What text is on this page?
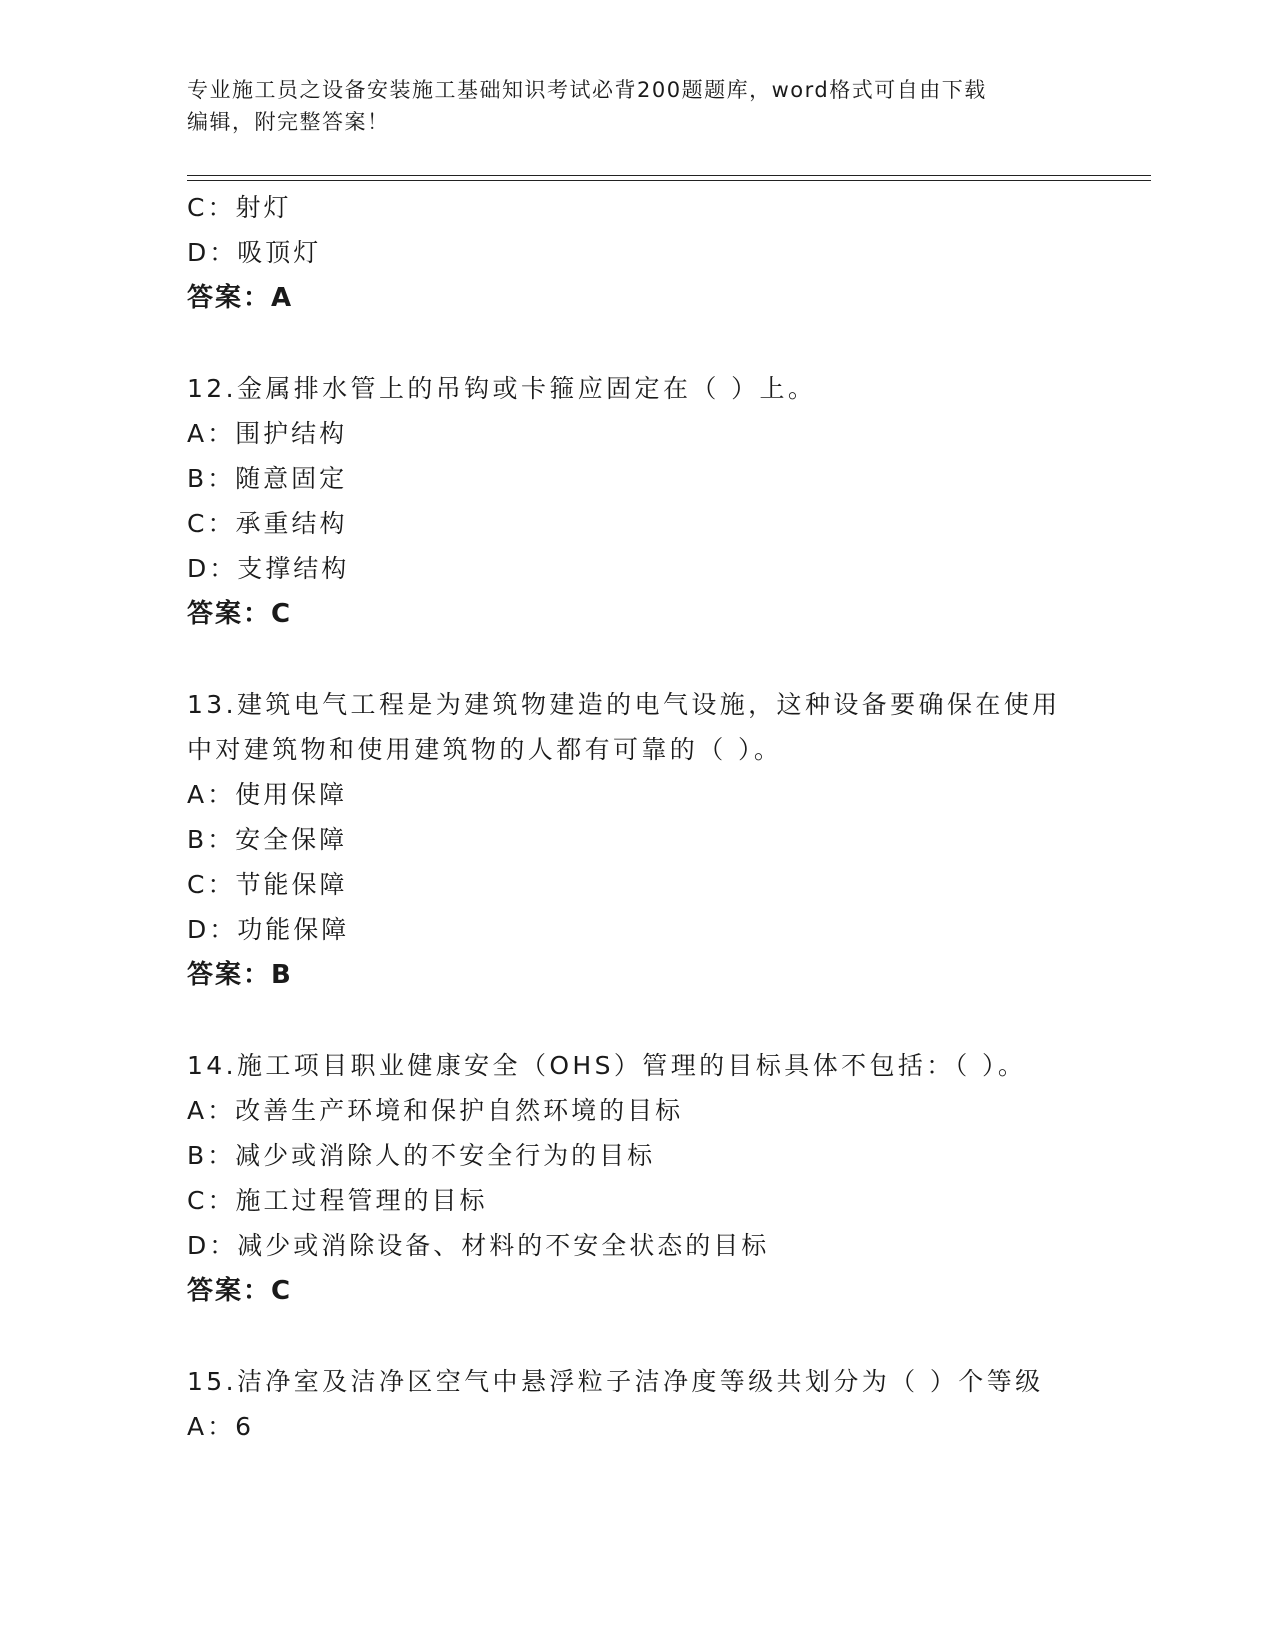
专业施工员之设备安装施工基础知识考试必背200题题库，word格式可自由下载
编辑，附完整答案！
C：射灯
D：吸顶灯
答案：A
12.金属排水管上的吊钩或卡箍应固定在（ ）上。
A：围护结构
B：随意固定
C：承重结构
D：支撑结构
答案：C
13.建筑电气工程是为建筑物建造的电气设施，这种设备要确保在使用
中对建筑物和使用建筑物的人都有可靠的（ ）。
A：使用保障
B：安全保障
C：节能保障
D：功能保障
答案：B
14.施工项目职业健康安全（OHS）管理的目标具体不包括：（ ）。
A：改善生产环境和保护自然环境的目标
B：减少或消除人的不安全行为的目标
C：施工过程管理的目标
D：减少或消除设备、材料的不安全状态的目标
答案：C
15.洁净室及洁净区空气中悬浮粒子洁净度等级共划分为（ ）个等级
A：6
